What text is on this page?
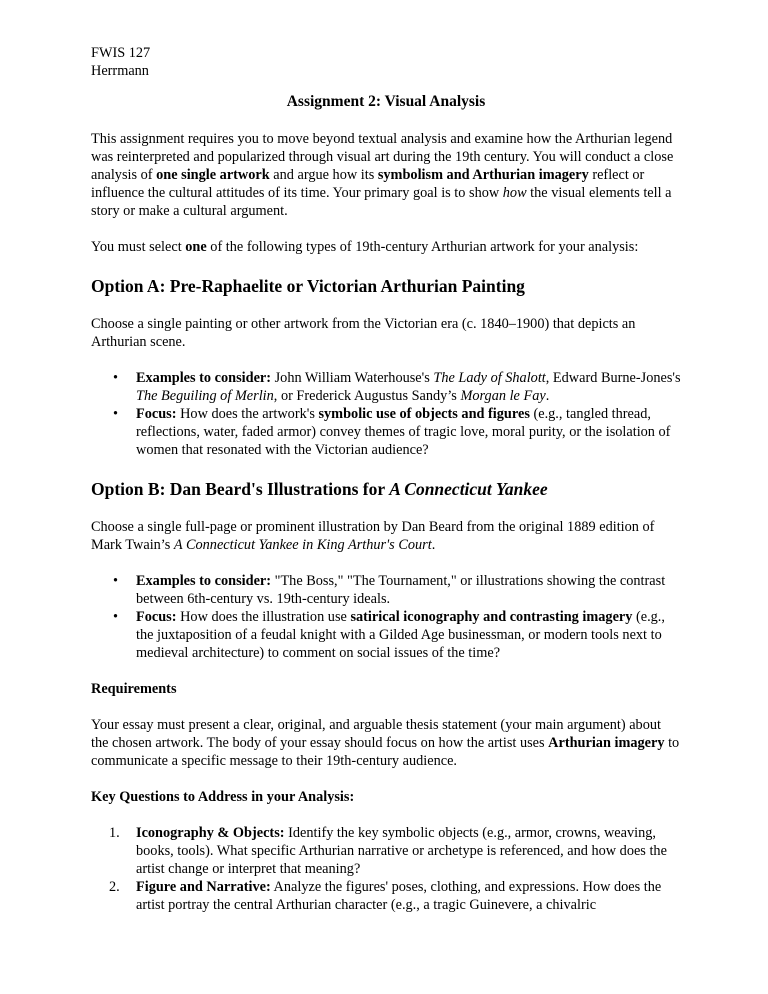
FWIS 127

Herrmann

Assignment 2: Visual Analysis

This assignment requires you to move beyond textual analysis and examine how the Arthurian legend was reinterpreted and popularized through visual art during the 19th century. You will conduct a close analysis of one single artwork and argue how its symbolism and Arthurian imagery reflect or influence the cultural attitudes of its time. Your primary goal is to show how the visual elements tell a story or make a cultural argument.

You must select one of the following types of 19th-century Arthurian artwork for your analysis:

Option A: Pre-Raphaelite or Victorian Arthurian Painting

Choose a single painting or other artwork from the Victorian era (c. 1840–1900) that depicts an Arthurian scene.

• Examples to consider: John William Waterhouse's The Lady of Shalott, Edward Burne-Jones's The Beguiling of Merlin, or Frederick Augustus Sandy’s Morgan le Fay.
• Focus: How does the artwork's symbolic use of objects and figures (e.g., tangled thread, reflections, water, faded armor) convey themes of tragic love, moral purity, or the isolation of women that resonated with the Victorian audience?
Option B: Dan Beard's Illustrations for A Connecticut Yankee

Choose a single full-page or prominent illustration by Dan Beard from the original 1889 edition of Mark Twain’s A Connecticut Yankee in King Arthur's Court.

• Examples to consider: "The Boss," "The Tournament," or illustrations showing the contrast between 6th-century vs. 19th-century ideals.
• Focus: How does the illustration use satirical iconography and contrasting imagery (e.g., the juxtaposition of a feudal knight with a Gilded Age businessman, or modern tools next to medieval architecture) to comment on social issues of the time?
Requirements

Your essay must present a clear, original, and arguable thesis statement (your main argument) about the chosen artwork. The body of your essay should focus on how the artist uses Arthurian imagery to communicate a specific message to their 19th-century audience.

Key Questions to Address in your Analysis:
1. Iconography & Objects: Identify the key symbolic objects (e.g., armor, crowns, weaving, books, tools). What specific Arthurian narrative or archetype is referenced, and how does the artist change or interpret that meaning?
2. Figure and Narrative: Analyze the figures' poses, clothing, and expressions. How does the artist portray the central Arthurian character (e.g., a tragic Guinevere, a chivalric
